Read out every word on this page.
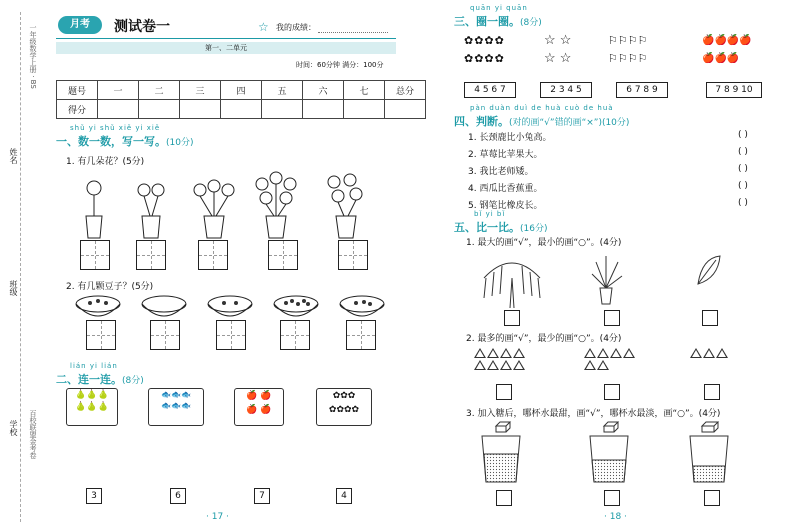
一年级数学上册 · BS
姓名
班级
学校 百校联盟金考卷
月考	测试卷一	☆ 我的成绩：
第一、二单元
时间：60分钟 满分：100分
题号	一	二	三	四	五	六	七	总分
得分								
shǔ yi shǔ xiě yi xiě
一、数一数，写一写。(10分)
1. 有几朵花？(5分)
2. 有几颗豆子？(5分)
lián yi lián
二、连一连。(8分)
🍐🍐🍐
🍐🍐🍐
🐟🐟🐟
🐟🐟🐟
🍎 🍎
🍎 🍎
✿✿✿
✿✿✿✿
3	6	7	4
· 17 ·
quān yi quān
三、圈一圈。(8分)
✿✿✿✿
✿✿✿✿
☆ ☆
☆ ☆
⚐⚐⚐⚐
⚐⚐⚐⚐
🍎🍎🍎🍎
🍎🍎🍎
4 5 6 7	2 3 4 5	6 7 8 9	7 8 9 10
pàn duàn duì de huà cuò de huà
四、判断。(对的画“√”错的画“×”)(10分)
1. 长颈鹿比小兔高。
2. 草莓比苹果大。
3. 我比老师矮。
4. 西瓜比香蕉重。
5. 钢笔比橡皮长。
( )
( )
( )
( )
( )
bǐ yi bǐ
五、比一比。(16分)
1. 最大的画“√”，最小的画“○”。(4分)
2. 最多的画“√”，最少的画“○”。(4分)

3. 加入糖后，哪杯水最甜，画“√”，哪杯水最淡，画“○”。(4分)
· 18 ·
